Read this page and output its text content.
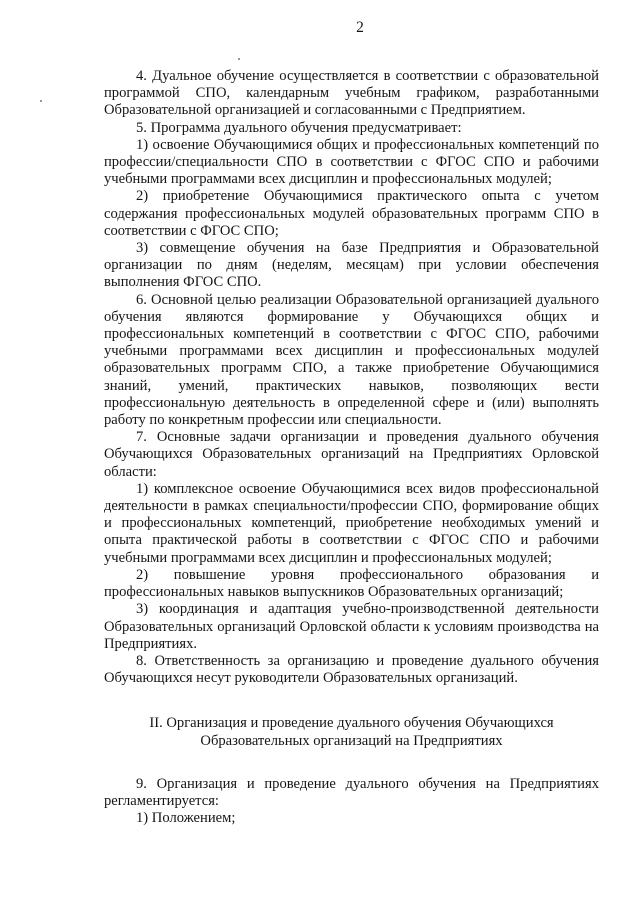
2

4. Дуальное обучение осуществляется в соответствии с образовательной программой СПО, календарным учебным графиком, разработанными Образовательной организацией и согласованными с Предприятием.

5. Программа дуального обучения предусматривает:

1) освоение Обучающимися общих и профессиональных компетенций по профессии/специальности СПО в соответствии с ФГОС СПО и рабочими учебными программами всех дисциплин и профессиональных модулей;

2) приобретение Обучающимися практического опыта с учетом содержания профессиональных модулей образовательных программ СПО в соответствии с ФГОС СПО;

3) совмещение обучения на базе Предприятия и Образовательной организации по дням (неделям, месяцам) при условии обеспечения выполнения ФГОС СПО.

6. Основной целью реализации Образовательной организацией дуального обучения являются формирование у Обучающихся общих и профессиональных компетенций в соответствии с ФГОС СПО, рабочими учебными программами всех дисциплин и профессиональных модулей образовательных программ СПО, а также приобретение Обучающимися знаний, умений, практических навыков, позволяющих вести профессиональную деятельность в определенной сфере и (или) выполнять работу по конкретным профессии или специальности.

7. Основные задачи организации и проведения дуального обучения Обучающихся Образовательных организаций на Предприятиях Орловской области:

1) комплексное освоение Обучающимися всех видов профессиональной деятельности в рамках специальности/профессии СПО, формирование общих и профессиональных компетенций, приобретение необходимых умений и опыта практической работы в соответствии с ФГОС СПО и рабочими учебными программами всех дисциплин и профессиональных модулей;

2) повышение уровня профессионального образования и профессиональных навыков выпускников Образовательных организаций;

3) координация и адаптация учебно-производственной деятельности Образовательных организаций Орловской области к условиям производства на Предприятиях.

8. Ответственность за организацию и проведение дуального обучения Обучающихся несут руководители Образовательных организаций.

II. Организация и проведение дуального обучения Обучающихся
Образовательных организаций на Предприятиях

9. Организация и проведение дуального обучения на Предприятиях регламентируется:

1) Положением;
